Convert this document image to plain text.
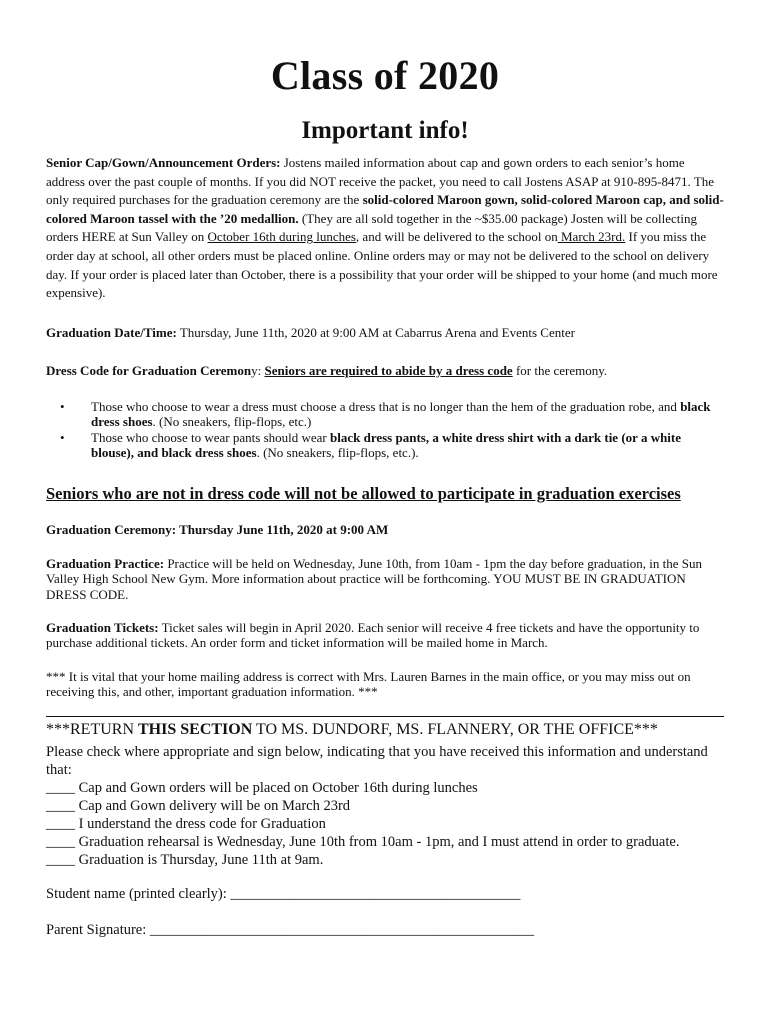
Class of 2020
Important info!

Senior Cap/Gown/Announcement Orders: Jostens mailed information about cap and gown orders to each senior’s home address over the past couple of months. If you did NOT receive the packet, you need to call Jostens ASAP at 910-895-8471. The only required purchases for the graduation ceremony are the solid-colored Maroon gown, solid-colored Maroon cap, and solid-colored Maroon tassel with the ’20 medallion. (They are all sold together in the ~$35.00 package) Josten will be collecting orders HERE at Sun Valley on October 16th during lunches, and will be delivered to the school on March 23rd. If you miss the order day at school, all other orders must be placed online. Online orders may or may not be delivered to the school on delivery day. If your order is placed later than October, there is a possibility that your order will be shipped to your home (and much more expensive).

Graduation Date/Time: Thursday, June 11th, 2020 at 9:00 AM at Cabarrus Arena and Events Center

Dress Code for Graduation Ceremony: Seniors are required to abide by a dress code for the ceremony.

• Those who choose to wear a dress must choose a dress that is no longer than the hem of the graduation robe, and black dress shoes. (No sneakers, flip-flops, etc.)
• Those who choose to wear pants should wear black dress pants, a white dress shirt with a dark tie (or a white blouse), and black dress shoes. (No sneakers, flip-flops, etc.).

Seniors who are not in dress code will not be allowed to participate in graduation exercises

Graduation Ceremony: Thursday June 11th, 2020 at 9:00 AM

Graduation Practice: Practice will be held on Wednesday, June 10th, from 10am - 1pm the day before graduation, in the Sun Valley High School New Gym. More information about practice will be forthcoming. YOU MUST BE IN GRADUATION DRESS CODE.

Graduation Tickets: Ticket sales will begin in April 2020. Each senior will receive 4 free tickets and have the opportunity to purchase additional tickets. An order form and ticket information will be mailed home in March.

*** It is vital that your home mailing address is correct with Mrs. Lauren Barnes in the main office, or you may miss out on receiving this, and other, important graduation information. ***

***RETURN THIS SECTION TO MS. DUNDORF, MS. FLANNERY, OR THE OFFICE***

Please check where appropriate and sign below, indicating that you have received this information and understand that:

____ Cap and Gown orders will be placed on October 16th during lunches
____ Cap and Gown delivery will be on March 23rd
____ I understand the dress code for Graduation
____ Graduation rehearsal is Wednesday, June 10th from 10am - 1pm, and I must attend in order to graduate.
____ Graduation is Thursday, June 11th at 9am.

Student name (printed clearly): ________________________________________

Parent Signature: _____________________________________________________
